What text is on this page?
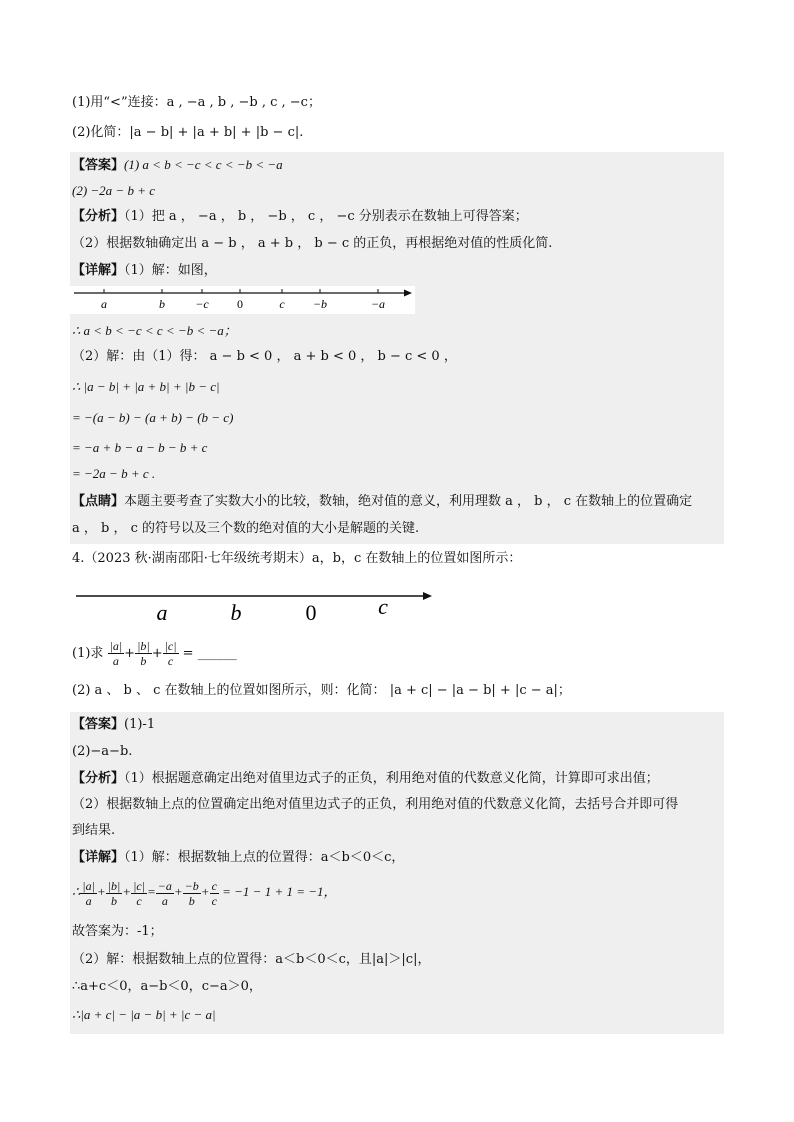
(1)用“<”连接：a , −a , b , −b , c , −c；
(2)化简：|a − b| + |a + b| + |b − c|.
【答案】(1) a < b < −c < c < −b < −a
(2) −2a − b + c
【分析】（1）把 a ， −a ， b ， −b ， c ， −c 分别表示在数轴上可得答案；
（2）根据数轴确定出 a − b ， a + b ， b − c 的正负，再根据绝对值的性质化简.
【详解】（1）解：如图，
a	b	−c 0	c −b	−a
∴ a < b < −c < c < −b < −a；
（2）解：由（1）得： a − b < 0 ， a + b < 0 ， b − c < 0 ，
∴ |a − b| + |a + b| + |b − c|
= −(a − b) − (a + b) − (b − c)
= −a + b − a − b − b + c
= −2a − b + c .
【点睛】本题主要考查了实数大小的比较，数轴，绝对值的意义，利用理数 a ， b ， c 在数轴上的位置确定
a ， b ， c 的符号以及三个数的绝对值的大小是解题的关键.
4.（2023 秋·湖南邵阳·七年级统考期末）a，b，c 在数轴上的位置如图所示：
a	b	0	c
(1)求 $\frac{|a|}{a} + \frac{|b|}{b} + \frac{|c|}{c}$ = ______
(2) a 、 b 、 c 在数轴上的位置如图所示，则：化简： |a + c| − |a − b| + |c − a|；
【答案】(1)-1
(2)−a−b.
【分析】（1）根据题意确定出绝对值里边式子的正负，利用绝对值的代数意义化简，计算即可求出值；
（2）根据数轴上点的位置确定出绝对值里边式子的正负，利用绝对值的代数意义化简，去括号合并即可得
到结果.
【详解】（1）解：根据数轴上点的位置得：a＜b＜0＜c，
∴ $\frac{|a|}{a} + \frac{|b|}{b} + \frac{|c|}{c} = \frac{-a}{a} + \frac{-b}{b} + \frac{c}{c} = -1 - 1 + 1 = -1$，
故答案为：-1；
（2）解：根据数轴上点的位置得：a＜b＜0＜c，且|a|＞|c|，
∴a+c＜0，a−b＜0，c−a＞0，
∴|a + c| − |a − b| + |c − a|
